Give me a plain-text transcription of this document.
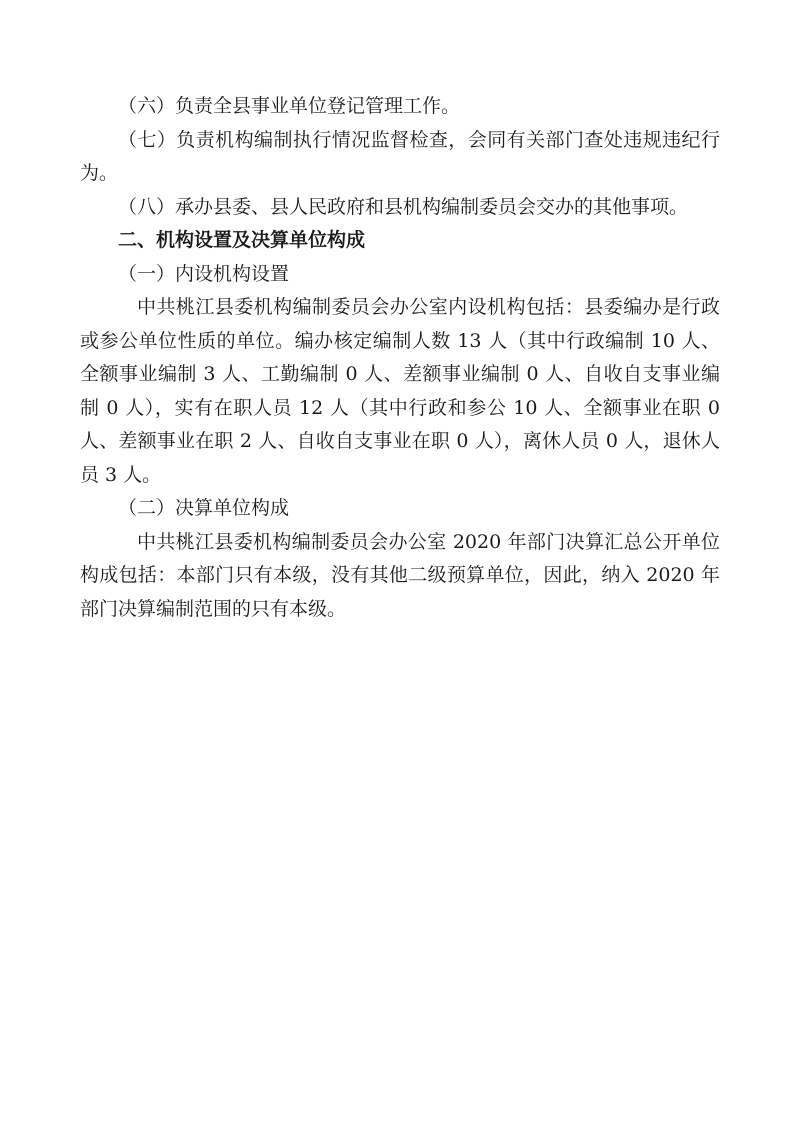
（六）负责全县事业单位登记管理工作。

（七）负责机构编制执行情况监督检查，会同有关部门查处违规违纪行为。

（八）承办县委、县人民政府和县机构编制委员会交办的其他事项。

二、机构设置及决算单位构成

（一）内设机构设置

中共桃江县委机构编制委员会办公室内设机构包括：县委编办是行政或参公单位性质的单位。编办核定编制人数 13 人（其中行政编制 10 人、全额事业编制 3 人、工勤编制 0 人、差额事业编制 0 人、自收自支事业编制 0 人），实有在职人员 12 人（其中行政和参公 10 人、全额事业在职 0 人、差额事业在职 2 人、自收自支事业在职 0 人），离休人员 0 人，退休人员 3 人。

（二）决算单位构成

中共桃江县委机构编制委员会办公室 2020 年部门决算汇总公开单位构成包括：本部门只有本级，没有其他二级预算单位，因此，纳入 2020 年部门决算编制范围的只有本级。
